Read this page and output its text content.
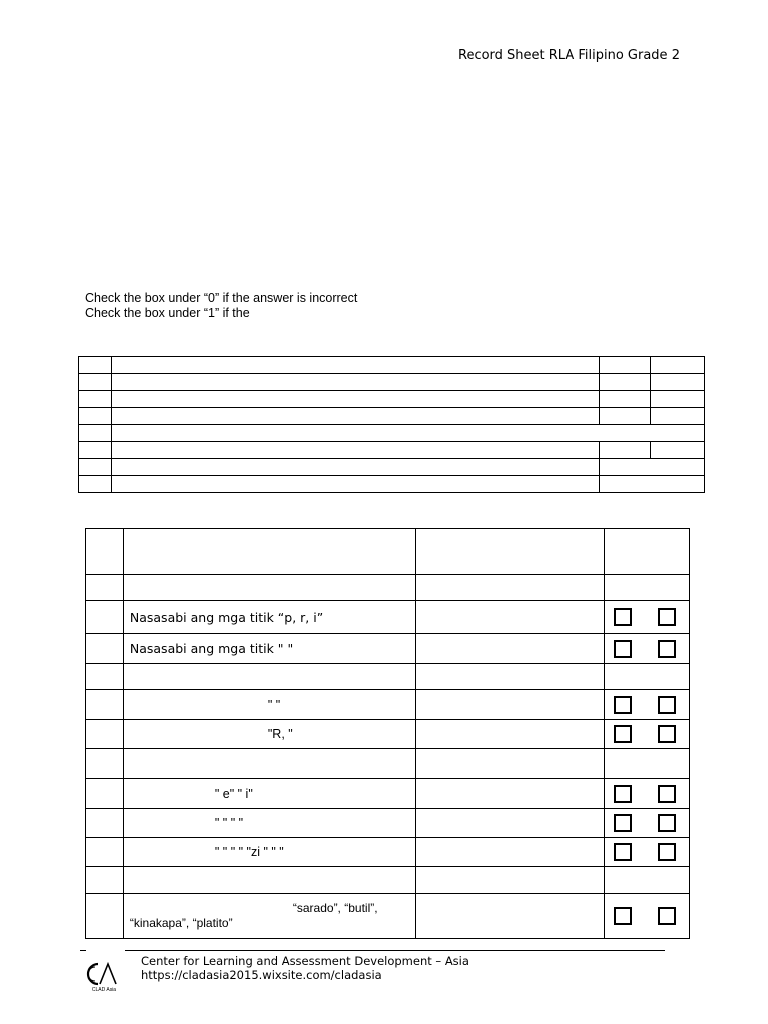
Record Sheet RLA Filipino Grade 2
Check the box under “0” if the answer is incorrect
Check the box under “1” if the

	Nasasabi ang mga titik “p, r, i”		

	Nasasabi ang mga titik " "		

	" "		

	"R, "		

	" e" " i"		

	" " " "		

	" " " " "zi " " "		

	“sarado”, “butil”,
“kinakapa”, “platito”		

CLAD Asia
Center for Learning and Assessment Development – Asia
https://cladasia2015.wixsite.com/cladasia
